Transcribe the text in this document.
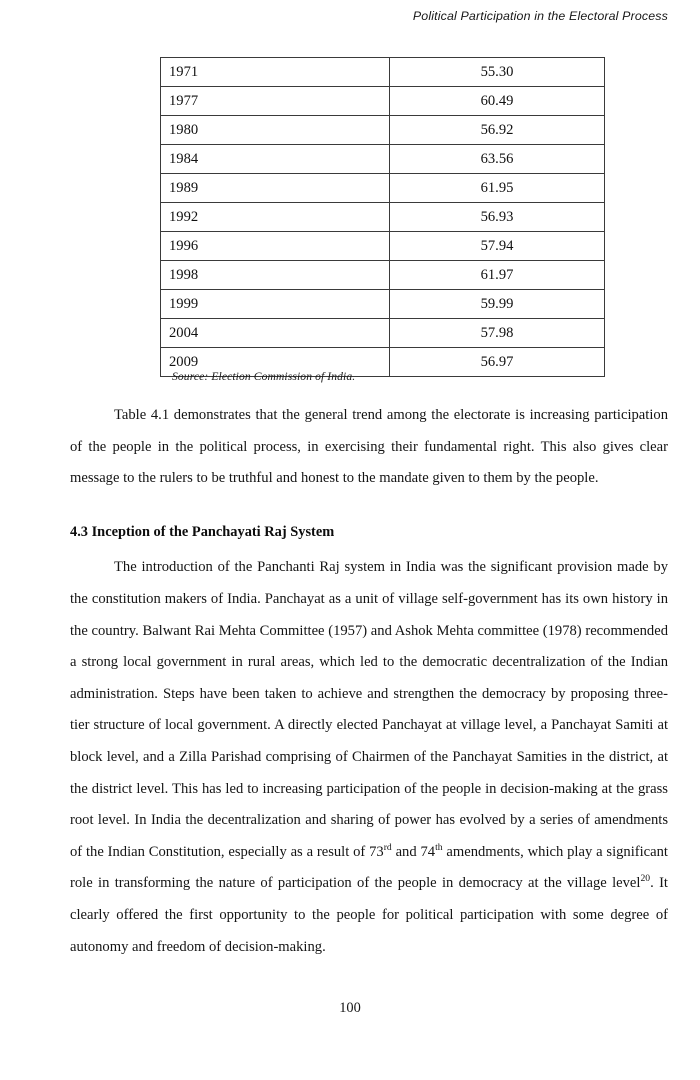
Political Participation in the Electoral Process
1971	55.30
1977	60.49
1980	56.92
1984	63.56
1989	61.95
1992	56.93
1996	57.94
1998	61.97
1999	59.99
2004	57.98
2009	56.97
Source: Election Commission of India.

Table 4.1 demonstrates that the general trend among the electorate is increasing participation of the people in the political process, in exercising their fundamental right. This also gives clear message to the rulers to be truthful and honest to the mandate given to them by the people.

4.3 Inception of the Panchayati Raj System

The introduction of the Panchanti Raj system in India was the significant provision made by the constitution makers of India. Panchayat as a unit of village self-government has its own history in the country. Balwant Rai Mehta Committee (1957) and Ashok Mehta committee (1978) recommended a strong local government in rural areas, which led to the democratic decentralization of the Indian administration. Steps have been taken to achieve and strengthen the democracy by proposing three-tier structure of local government. A directly elected Panchayat at village level, a Panchayat Samiti at block level, and a Zilla Parishad comprising of Chairmen of the Panchayat Samities in the district, at the district level. This has led to increasing participation of the people in decision-making at the grass root level. In India the decentralization and sharing of power has evolved by a series of amendments of the Indian Constitution, especially as a result of 73rd and 74th amendments, which play a significant role in transforming the nature of participation of the people in democracy at the village level$^{20}$. It clearly offered the first opportunity to the people for political participation with some degree of autonomy and freedom of decision-making.

100
